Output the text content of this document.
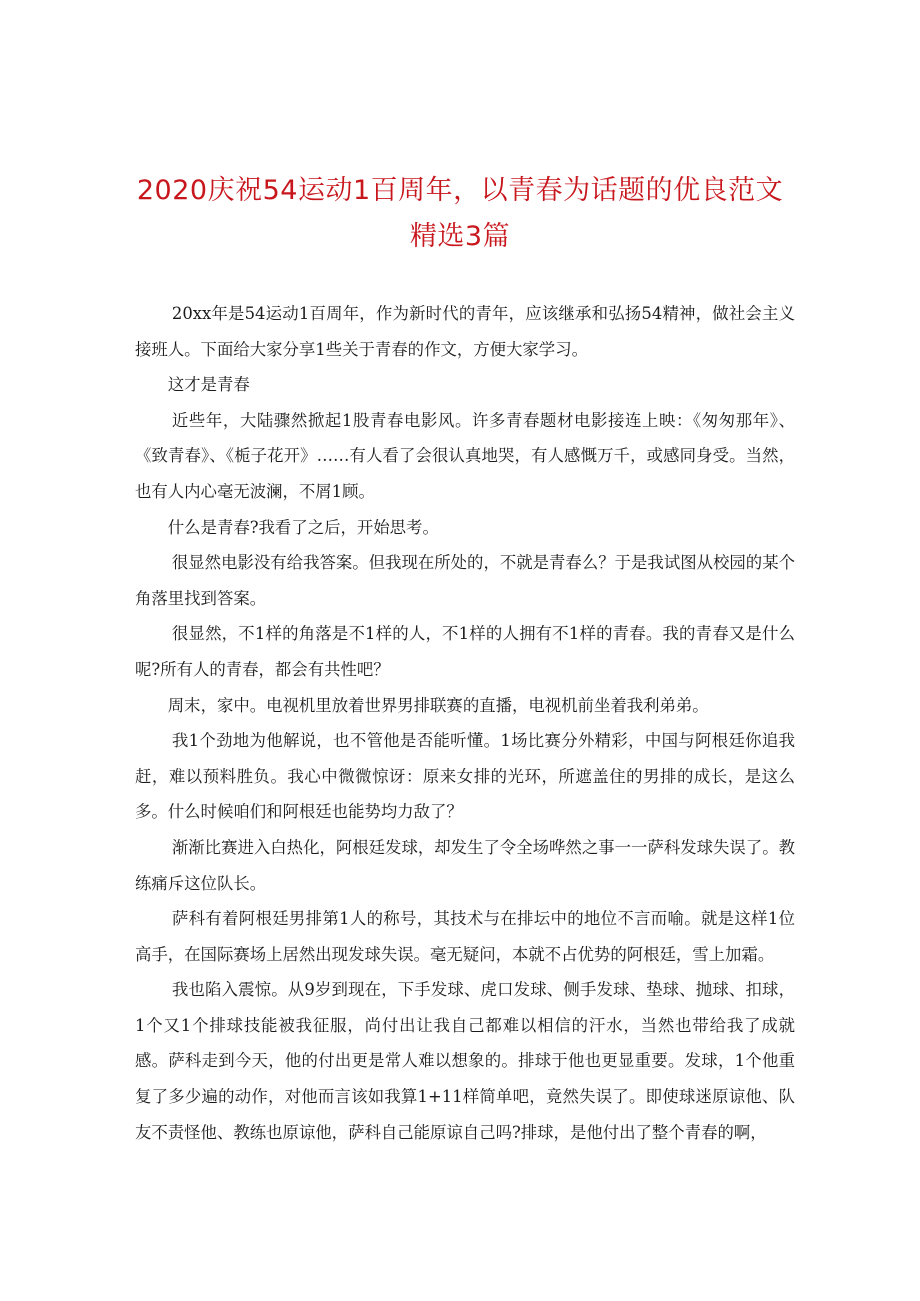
2020庆祝54运动1百周年，以青春为话题的优良范文
精选3篇

20xx年是54运动1百周年，作为新时代的青年，应该继承和弘扬54精神，做社会主义接班人。下面给大家分享1些关于青春的作文，方便大家学习。

这才是青春

近些年，大陆骤然掀起1股青春电影风。许多青春题材电影接连上映：《匆匆那年》、《致青春》、《栀子花开》……有人看了会很认真地哭，有人感慨万千，或感同身受。当然，也有人内心毫无波澜，不屑1顾。

什么是青春?我看了之后，开始思考。

很显然电影没有给我答案。但我现在所处的，不就是青春么？于是我试图从校园的某个角落里找到答案。

很显然，不1样的角落是不1样的人，不1样的人拥有不1样的青春。我的青春又是什么呢?所有人的青春，都会有共性吧？

周末，家中。电视机里放着世界男排联赛的直播，电视机前坐着我利弟弟。

我1个劲地为他解说，也不管他是否能听懂。1场比赛分外精彩，中国与阿根廷你追我赶，难以预料胜负。我心中微微惊讶：原来女排的光环，所遮盖住的男排的成长，是这么多。什么时候咱们和阿根廷也能势均力敌了？

渐渐比赛进入白热化，阿根廷发球，却发生了令全场哗然之事一一萨科发球失误了。教练痛斥这位队长。

萨科有着阿根廷男排第1人的称号，其技术与在排坛中的地位不言而喻。就是这样1位高手，在国际赛场上居然出现发球失误。毫无疑问，本就不占优势的阿根廷，雪上加霜。

我也陷入震惊。从9岁到现在，下手发球、虎口发球、侧手发球、垫球、抛球、扣球，1个又1个排球技能被我征服，尚付出让我自己都难以相信的汗水，当然也带给我了成就感。萨科走到今天，他的付出更是常人难以想象的。排球于他也更显重要。发球，1个他重复了多少遍的动作，对他而言该如我算1+11样简单吧，竟然失误了。即使球迷原谅他、队友不责怪他、教练也原谅他，萨科自己能原谅自己吗?排球，是他付出了整个青春的啊，
